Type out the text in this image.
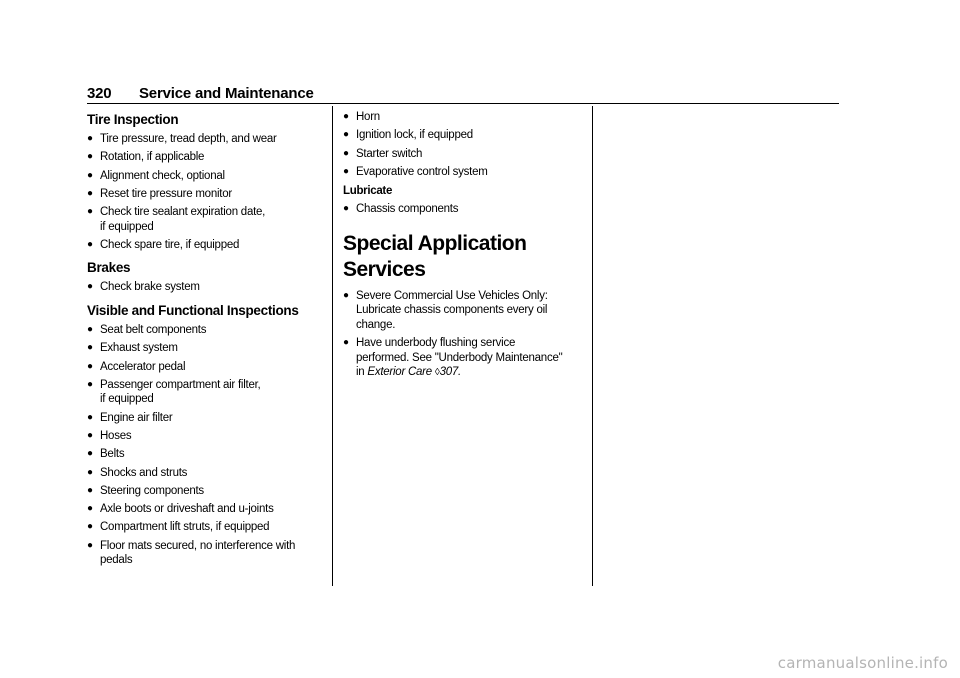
320 Service and Maintenance
Tire Inspection
● Tire pressure, tread depth, and wear
● Rotation, if applicable
● Alignment check, optional
● Reset tire pressure monitor
● Check tire sealant expiration date,
if equipped
● Check spare tire, if equipped
Brakes
● Check brake system
Visible and Functional Inspections
● Seat belt components
● Exhaust system
● Accelerator pedal
● Passenger compartment air filter,
if equipped
● Engine air filter
● Hoses
● Belts
● Shocks and struts
● Steering components
● Axle boots or driveshaft and u-joints
● Compartment lift struts, if equipped
● Floor mats secured, no interference with
pedals
● Horn
● Ignition lock, if equipped
● Starter switch
● Evaporative control system
Lubricate
● Chassis components
Special Application Services
● Severe Commercial Use Vehicles Only:
Lubricate chassis components every oil
change.
● Have underbody flushing service
performed. See "Underbody Maintenance"
in Exterior Care ◊307.
carmanualsonline.info
